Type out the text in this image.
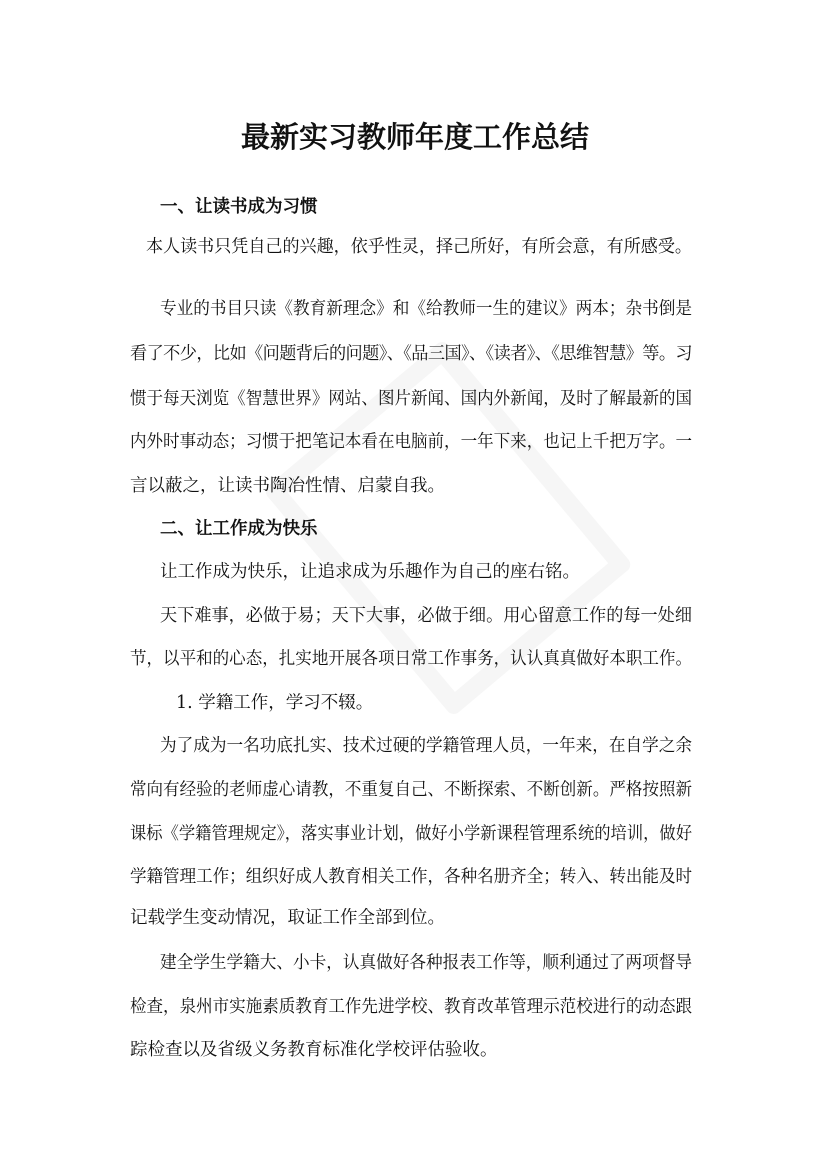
最新实习教师年度工作总结
一、让读书成为习惯
本人读书只凭自己的兴趣，依乎性灵，择己所好，有所会意，有所感受。
专业的书目只读《教育新理念》和《给教师一生的建议》两本；杂书倒是
看了不少，比如《问题背后的问题》、《品三国》、《读者》、《思维智慧》等。习
惯于每天浏览《智慧世界》网站、图片新闻、国内外新闻，及时了解最新的国
内外时事动态；习惯于把笔记本看在电脑前，一年下来，也记上千把万字。一
言以蔽之，让读书陶冶性情、启蒙自我。
二、让工作成为快乐
让工作成为快乐，让追求成为乐趣作为自己的座右铭。
天下难事，必做于易；天下大事，必做于细。用心留意工作的每一处细
节，以平和的心态，扎实地开展各项日常工作事务，认认真真做好本职工作。
1. 学籍工作，学习不辍。
为了成为一名功底扎实、技术过硬的学籍管理人员，一年来，在自学之余
常向有经验的老师虚心请教，不重复自己、不断探索、不断创新。严格按照新
课标《学籍管理规定》，落实事业计划，做好小学新课程管理系统的培训，做好
学籍管理工作；组织好成人教育相关工作，各种名册齐全；转入、转出能及时
记载学生变动情况，取证工作全部到位。
建全学生学籍大、小卡，认真做好各种报表工作等，顺利通过了两项督导
检查，泉州市实施素质教育工作先进学校、教育改革管理示范校进行的动态跟
踪检查以及省级义务教育标准化学校评估验收。
